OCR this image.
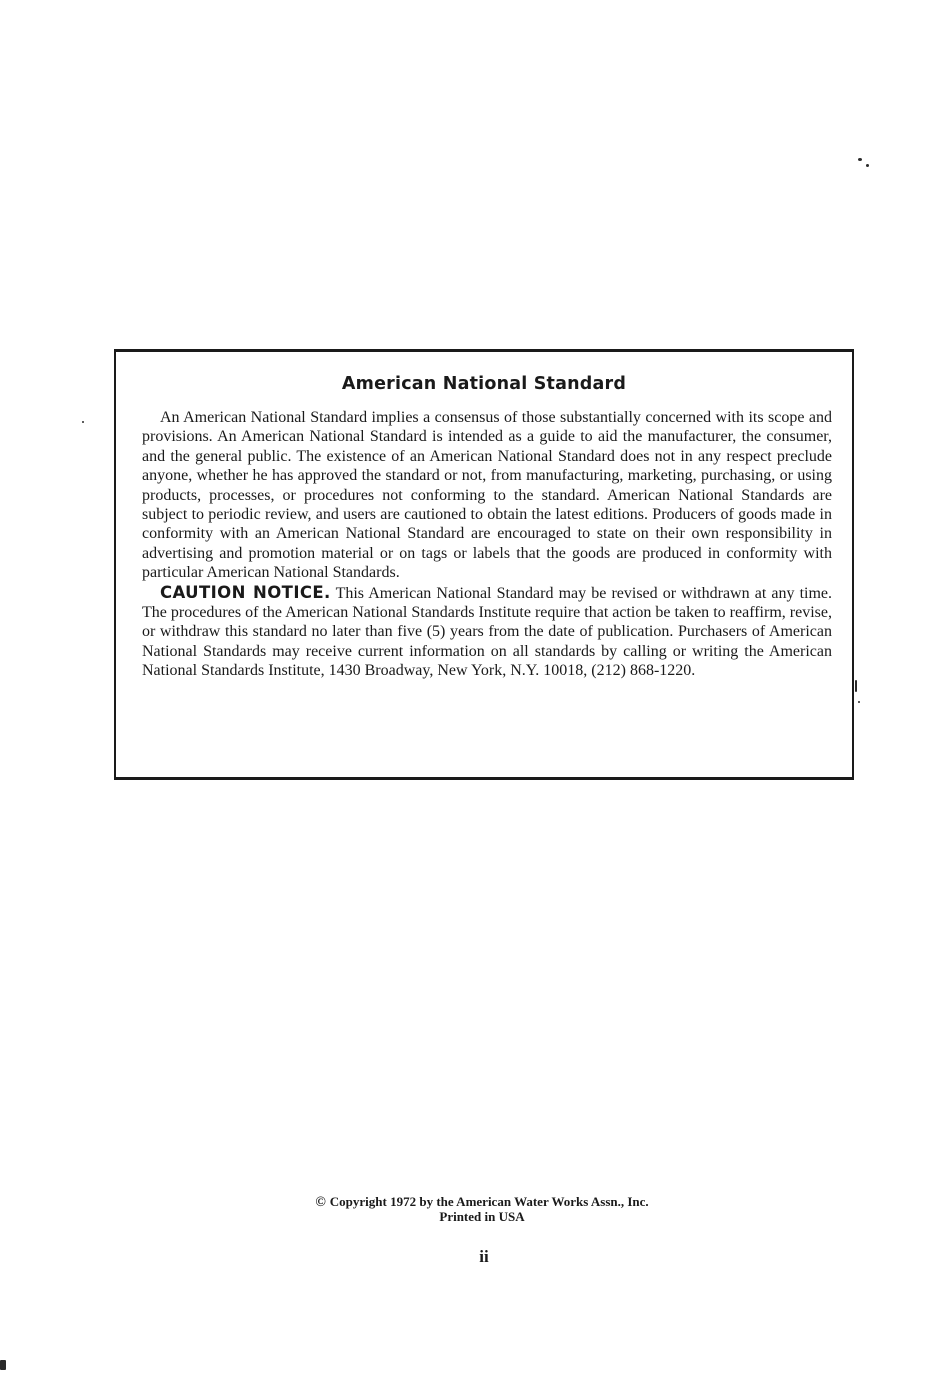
American National Standard

An American National Standard implies a consensus of those substantially concerned with its scope and provisions. An American National Standard is intended as a guide to aid the manufacturer, the consumer, and the general public. The existence of an American National Standard does not in any respect preclude anyone, whether he has approved the standard or not, from manufacturing, marketing, purchasing, or using products, processes, or procedures not conforming to the standard. American National Standards are subject to periodic review, and users are cautioned to obtain the latest editions. Producers of goods made in conformity with an American National Standard are encouraged to state on their own responsibility in advertising and promotion material or on tags or labels that the goods are produced in conformity with particular American National Standards.

CAUTION NOTICE. This American National Standard may be revised or withdrawn at any time. The procedures of the American National Standards Institute require that action be taken to reaffirm, revise, or withdraw this standard no later than five (5) years from the date of publication. Purchasers of American National Standards may receive current information on all standards by calling or writing the American National Standards Institute, 1430 Broadway, New York, N.Y. 10018, (212) 868-1220.

© Copyright 1972 by the American Water Works Assn., Inc.
Printed in USA
ii
